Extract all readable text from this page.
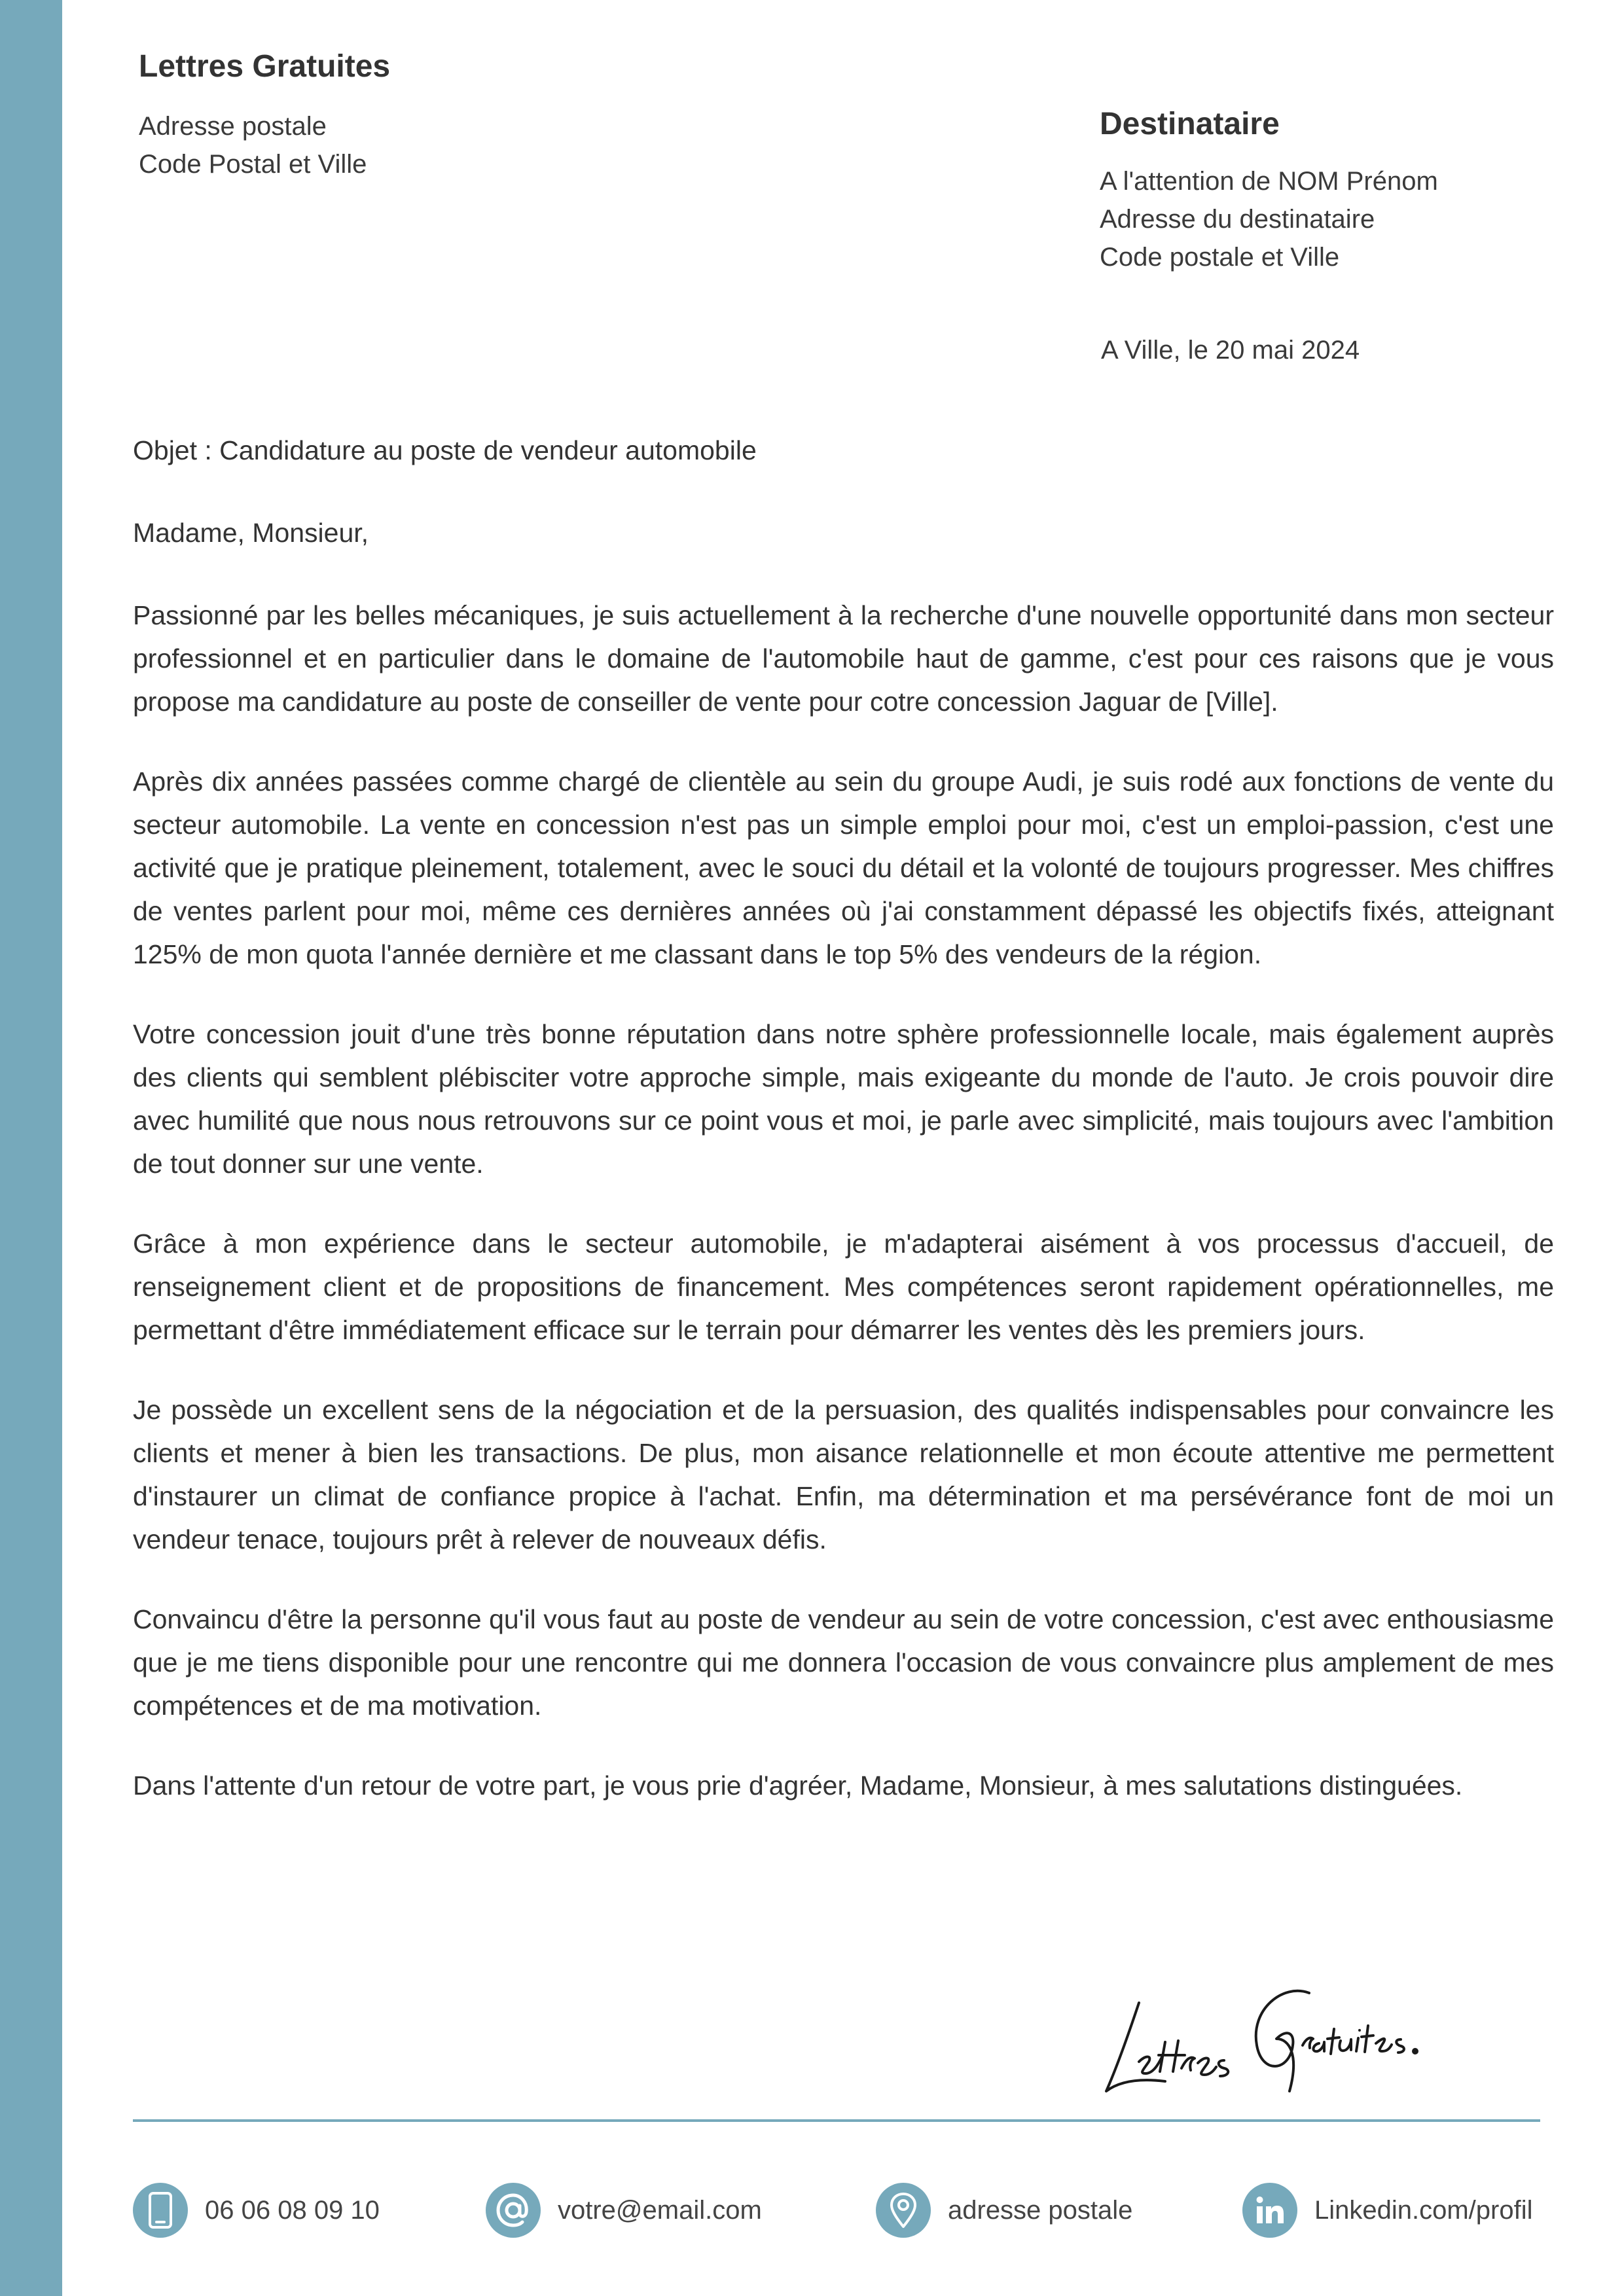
Lettres Gratuites
Adresse postale
Code Postal et Ville
Destinataire
A l'attention de NOM Prénom
Adresse du destinataire
Code postale et Ville
A Ville, le 20 mai 2024
Objet : Candidature au poste de vendeur automobile
Madame, Monsieur,

Passionné par les belles mécaniques, je suis actuellement à la recherche d'une nouvelle opportunité dans mon secteur professionnel et en particulier dans le domaine de l'automobile haut de gamme, c'est pour ces raisons que je vous propose ma candidature au poste de conseiller de vente pour cotre concession Jaguar de [Ville].

Après dix années passées comme chargé de clientèle au sein du groupe Audi, je suis rodé aux fonctions de vente du secteur automobile. La vente en concession n'est pas un simple emploi pour moi, c'est un emploi-passion, c'est une activité que je pratique pleinement, totalement, avec le souci du détail et la volonté de toujours progresser. Mes chiffres de ventes parlent pour moi, même ces dernières années où j'ai constamment dépassé les objectifs fixés, atteignant 125% de mon quota l'année dernière et me classant dans le top 5% des vendeurs de la région.

Votre concession jouit d'une très bonne réputation dans notre sphère professionnelle locale, mais également auprès des clients qui semblent plébisciter votre approche simple, mais exigeante du monde de l'auto. Je crois pouvoir dire avec humilité que nous nous retrouvons sur ce point vous et moi, je parle avec simplicité, mais toujours avec l'ambition de tout donner sur une vente.

Grâce à mon expérience dans le secteur automobile, je m'adapterai aisément à vos processus d'accueil, de renseignement client et de propositions de financement. Mes compétences seront rapidement opérationnelles, me permettant d'être immédiatement efficace sur le terrain pour démarrer les ventes dès les premiers jours.

Je possède un excellent sens de la négociation et de la persuasion, des qualités indispensables pour convaincre les clients et mener à bien les transactions. De plus, mon aisance relationnelle et mon écoute attentive me permettent d'instaurer un climat de confiance propice à l'achat. Enfin, ma détermination et ma persévérance font de moi un vendeur tenace, toujours prêt à relever de nouveaux défis.

Convaincu d'être la personne qu'il vous faut au poste de vendeur au sein de votre concession, c'est avec enthousiasme que je me tiens disponible pour une rencontre qui me donnera l'occasion de vous convaincre plus amplement de mes compétences et de ma motivation.

Dans l'attente d'un retour de votre part, je vous prie d'agréer, Madame, Monsieur, à mes salutations distinguées.

06 06 08 09 10	votre@email.com	adresse postale	Linkedin.com/profil
